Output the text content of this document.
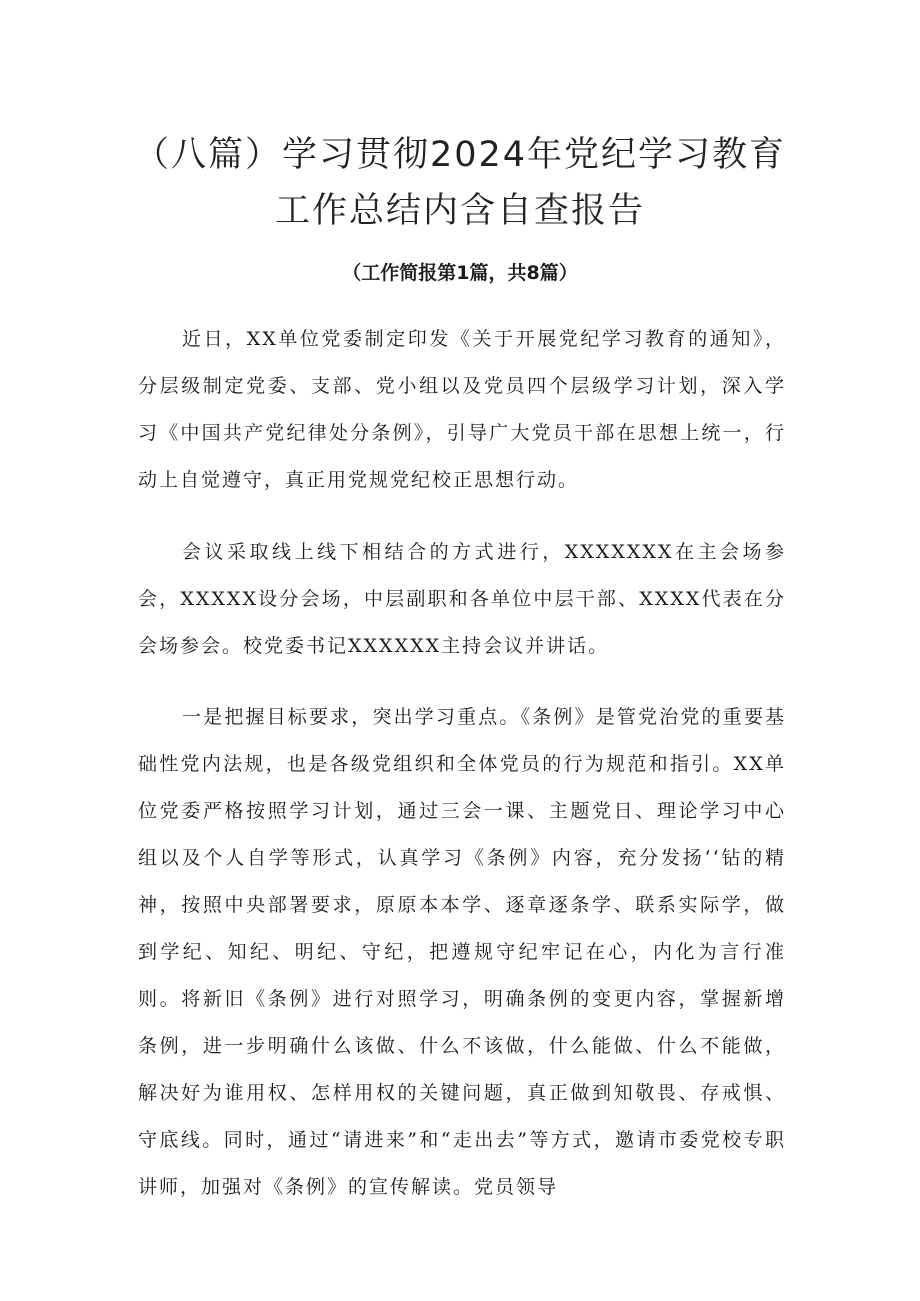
（八篇）学习贯彻2024年党纪学习教育工作总结内含自查报告
（工作简报第1篇，共8篇）

近日，XX单位党委制定印发《关于开展党纪学习教育的通知》，分层级制定党委、支部、党小组以及党员四个层级学习计划，深入学习《中国共产党纪律处分条例》，引导广大党员干部在思想上统一，行动上自觉遵守，真正用党规党纪校正思想行动。

会议采取线上线下相结合的方式进行，XXXXXXX在主会场参会，XXXXX设分会场，中层副职和各单位中层干部、XXXX代表在分会场参会。校党委书记XXXXXX主持会议并讲话。

一是把握目标要求，突出学习重点。《条例》是管党治党的重要基础性党内法规，也是各级党组织和全体党员的行为规范和指引。XX单位党委严格按照学习计划，通过三会一课、主题党日、理论学习中心组以及个人自学等形式，认真学习《条例》内容，充分发扬‘‘钻的精神，按照中央部署要求，原原本本学、逐章逐条学、联系实际学，做到学纪、知纪、明纪、守纪，把遵规守纪牢记在心，内化为言行准则。将新旧《条例》进行对照学习，明确条例的变更内容，掌握新增条例，进一步明确什么该做、什么不该做，什么能做、什么不能做，解决好为谁用权、怎样用权的关键问题，真正做到知敬畏、存戒惧、守底线。同时，通过“请进来”和“走出去”等方式，邀请市委党校专职讲师，加强对《条例》的宣传解读。党员领导
